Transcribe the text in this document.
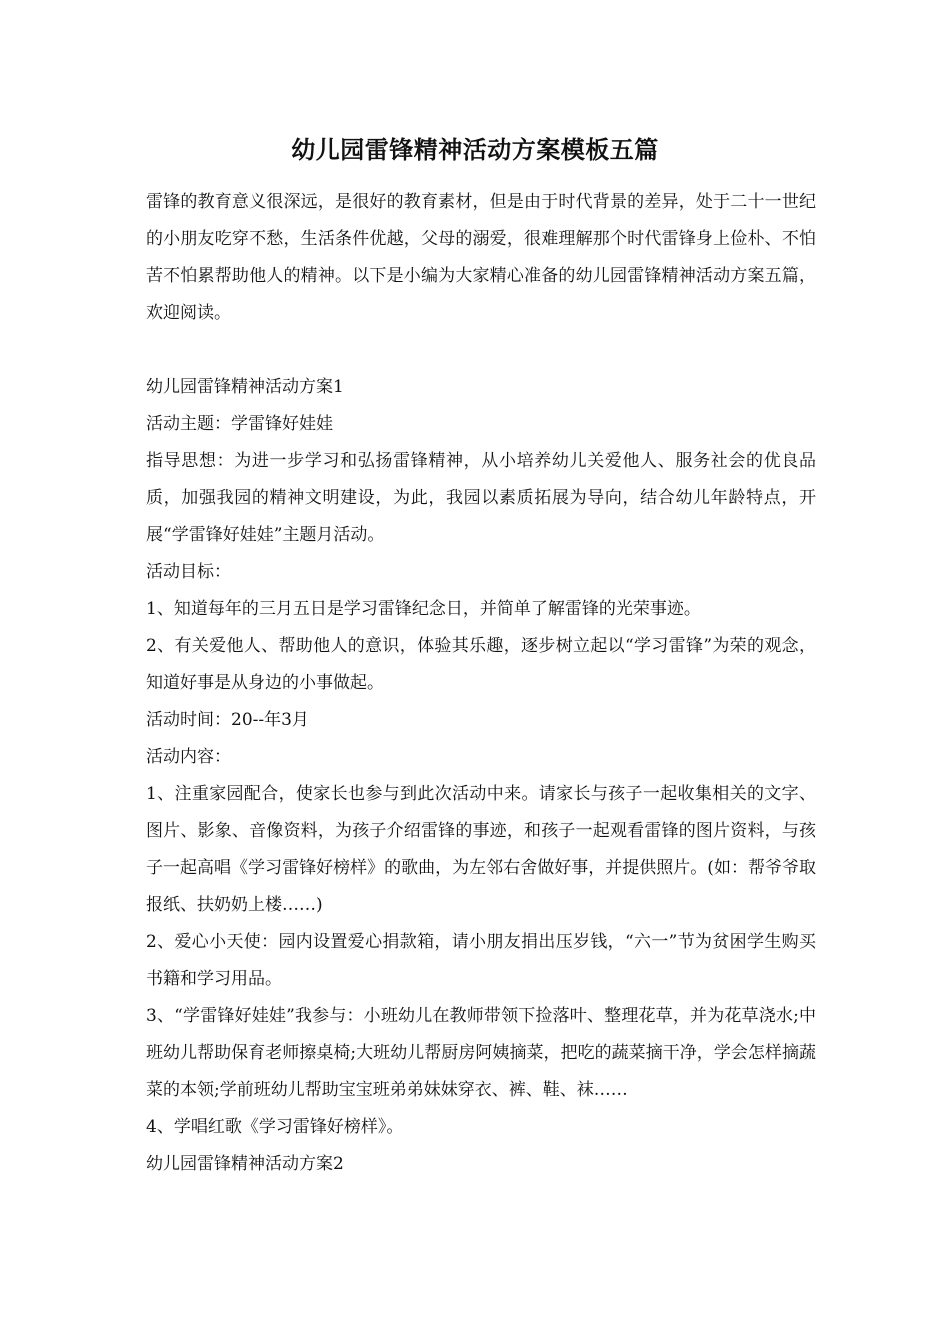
幼儿园雷锋精神活动方案模板五篇

雷锋的教育意义很深远，是很好的教育素材，但是由于时代背景的差异，处于二十一世纪的小朋友吃穿不愁，生活条件优越，父母的溺爱，很难理解那个时代雷锋身上俭朴、不怕苦不怕累帮助他人的精神。以下是小编为大家精心准备的幼儿园雷锋精神活动方案五篇，欢迎阅读。

幼儿园雷锋精神活动方案1

活动主题：学雷锋好娃娃

指导思想：为进一步学习和弘扬雷锋精神，从小培养幼儿关爱他人、服务社会的优良品质，加强我园的精神文明建设，为此，我园以素质拓展为导向，结合幼儿年龄特点，开展“学雷锋好娃娃”主题月活动。

活动目标：

1、知道每年的三月五日是学习雷锋纪念日，并简单了解雷锋的光荣事迹。

2、有关爱他人、帮助他人的意识，体验其乐趣，逐步树立起以“学习雷锋”为荣的观念，知道好事是从身边的小事做起。

活动时间：20--年3月

活动内容：

1、注重家园配合，使家长也参与到此次活动中来。请家长与孩子一起收集相关的文字、图片、影象、音像资料，为孩子介绍雷锋的事迹，和孩子一起观看雷锋的图片资料，与孩子一起高唱《学习雷锋好榜样》的歌曲，为左邻右舍做好事，并提供照片。(如：帮爷爷取报纸、扶奶奶上楼……)

2、爱心小天使：园内设置爱心捐款箱，请小朋友捐出压岁钱，“六一”节为贫困学生购买书籍和学习用品。

3、“学雷锋好娃娃”我参与：小班幼儿在教师带领下捡落叶、整理花草，并为花草浇水;中班幼儿帮助保育老师擦桌椅;大班幼儿帮厨房阿姨摘菜，把吃的蔬菜摘干净，学会怎样摘蔬菜的本领;学前班幼儿帮助宝宝班弟弟妹妹穿衣、裤、鞋、袜……

4、学唱红歌《学习雷锋好榜样》。

幼儿园雷锋精神活动方案2
